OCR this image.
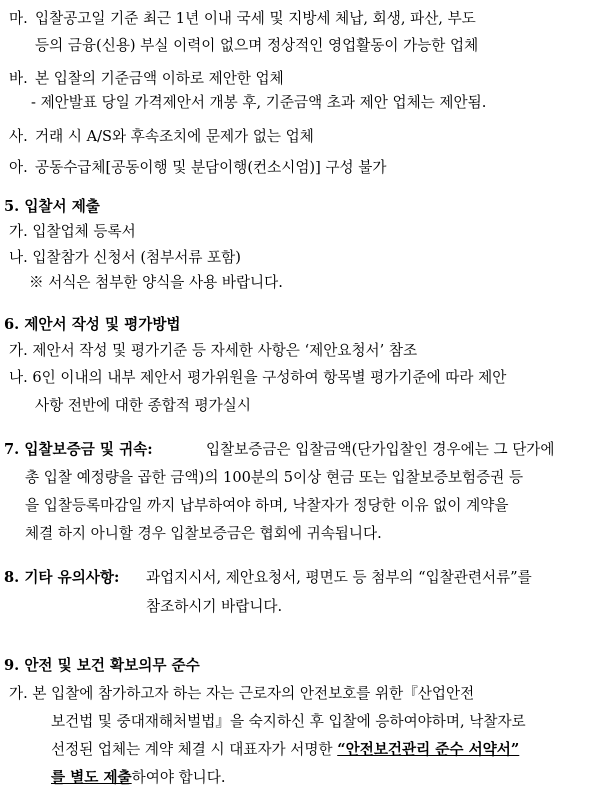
마. 입찰공고일 기준 최근 1년 이내 국세 및 지방세 체납, 회생, 파산, 부도
등의 금융(신용) 부실 이력이 없으며 정상적인 영업활동이 가능한 업체
바. 본 입찰의 기준금액 이하로 제안한 업체
- 제안발표 당일 가격제안서 개봉 후, 기준금액 초과 제안 업체는 제안됨.
사. 거래 시 A/S와 후속조치에 문제가 없는 업체
아. 공동수급체[공동이행 및 분담이행(컨소시엄)] 구성 불가
5. 입찰서 제출
가. 입찰업체 등록서
나. 입찰참가 신청서 (첨부서류 포함)
※ 서식은 첨부한 양식을 사용 바랍니다.
6. 제안서 작성 및 평가방법
가. 제안서 작성 및 평가기준 등 자세한 사항은 ‘제안요청서’ 참조
나. 6인 이내의 내부 제안서 평가위원을 구성하여 항목별 평가기준에 따라 제안
사항 전반에 대한 종합적 평가실시
7. 입찰보증금 및 귀속:	입찰보증금은 입찰금액(단가입찰인 경우에는 그 단가에
총 입찰 예정량을 곱한 금액)의 100분의 5이상 현금 또는 입찰보증보험증권 등
을 입찰등록마감일 까지 납부하여야 하며, 낙찰자가 정당한 이유 없이 계약을
체결 하지 아니할 경우 입찰보증금은 협회에 귀속됩니다.
8. 기타 유의사항: 과업지시서, 제안요청서, 평면도 등 첨부의 “입찰관련서류”를
참조하시기 바랍니다.
9. 안전 및 보건 확보의무 준수
가. 본 입찰에 참가하고자 하는 자는 근로자의 안전보호를 위한『산업안전
보건법 및 중대재해처벌법』을 숙지하신 후 입찰에 응하여야하며, 낙찰자로
선정된 업체는 계약 체결 시 대표자가 서명한 “안전보건관리 준수 서약서”
를 별도 제출하여야 합니다.
